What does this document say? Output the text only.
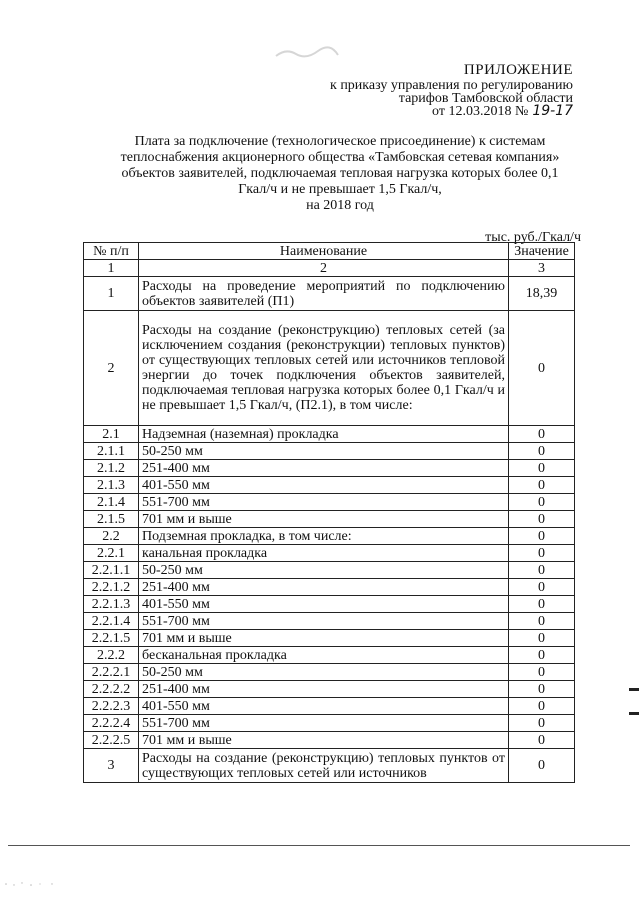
ПРИЛОЖЕНИЕ
к приказу управления по регулированию
тарифов Тамбовской области
от 12.03.2018 № 19-17
Плата за подключение (технологическое присоединение) к системам
теплоснабжения акционерного общества «Тамбовская сетевая компания»
объектов заявителей, подключаемая тепловая нагрузка которых более 0,1
Гкал/ч и не превышает 1,5 Гкал/ч,
на 2018 год
тыс. руб./Гкал/ч
№ п/п	Наименование	Значение
1	2	3
1	Расходы на проведение мероприятий по подключению объектов заявителей (П1)	18,39
2	Расходы на создание (реконструкцию) тепловых сетей (за исключением создания (реконструкции) тепловых пунктов) от существующих тепловых сетей или источников тепловой энергии до точек подключения объектов заявителей, подключаемая тепловая нагрузка которых более 0,1 Гкал/ч и не превышает 1,5 Гкал/ч, (П2.1), в том числе:	0
2.1	Надземная (наземная) прокладка	0
2.1.1	50-250 мм	0
2.1.2	251-400 мм	0
2.1.3	401-550 мм	0
2.1.4	551-700 мм	0
2.1.5	701 мм и выше	0
2.2	Подземная прокладка, в том числе:	0
2.2.1	канальная прокладка	0
2.2.1.1	50-250 мм	0
2.2.1.2	251-400 мм	0
2.2.1.3	401-550 мм	0
2.2.1.4	551-700 мм	0
2.2.1.5	701 мм и выше	0
2.2.2	бесканальная прокладка	0
2.2.2.1	50-250 мм	0
2.2.2.2	251-400 мм	0
2.2.2.3	401-550 мм	0
2.2.2.4	551-700 мм	0
2.2.2.5	701 мм и выше	0
3	Расходы на создание (реконструкцию) тепловых пунктов от существующих тепловых сетей или источников	0
